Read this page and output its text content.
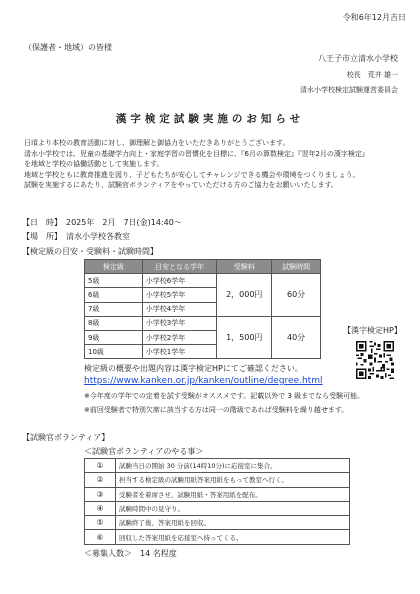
令和6年12月吉日
（保護者・地域）の皆様
八王子市立清水小学校
校長　荒井 雄一
清水小学校検定試験運営委員会
漢字検定試験実施のお知らせ
日頃より本校の教育活動に対し、御理解と御協力をいただきありがとうございます。
清水小学校では、児童の基礎学力向上・家庭学習の習慣化を目標に、『6月の算数検定』『翌年2月の漢字検定』
を地域と学校の協働活動として実施します。
地域と学校ともに教育推進を図り、子どもたちが安心してチャレンジできる機会や環境をつくりましょう。
試験を実施するにあたり、試験官ボランティアをやっていただける方のご協力をお願いいたします。
【日　時】　2025年　2月　7日(金)14:40～
【場　所】　清水小学校各教室
【検定級の目安・受験料・試験時間】
検定級	目安となる学年	受験料	試験時間
5級	小学校6学年	2，000円	60分
6級	小学校5学年		
7級	小学校4学年		
8級	小学校3学年	1，500円	40分
9級	小学校2学年		
10級	小学校1学年		
【漢字検定HP】
検定級の概要や出題内容は漢字検定HPにてご確認ください。
https://www.kanken.or.jp/kanken/outline/degree.html
※今年度の学年での定着を試す受験がオススメです。記載以外で 3 級までなら受験可能。
※前回受験者で特別欠席に該当する方は同一の階級であれば受験料を繰り越せます。
【試験官ボランティア】
＜試験官ボランティアのやる事＞
①	試験当日の開始 30 分前(14時10分)に応接室に集合。
②	担当する検定級の試験用紙答案用紙をもって教室へ行く。
③	受験者を着席させ、試験用紙・答案用紙を配布。
④	試験時間中の見守り。
⑤	試験終了後、答案用紙を回収。
⑥	回収した答案用紙を応接室へ持ってくる。
＜募集人数＞　14 名程度
